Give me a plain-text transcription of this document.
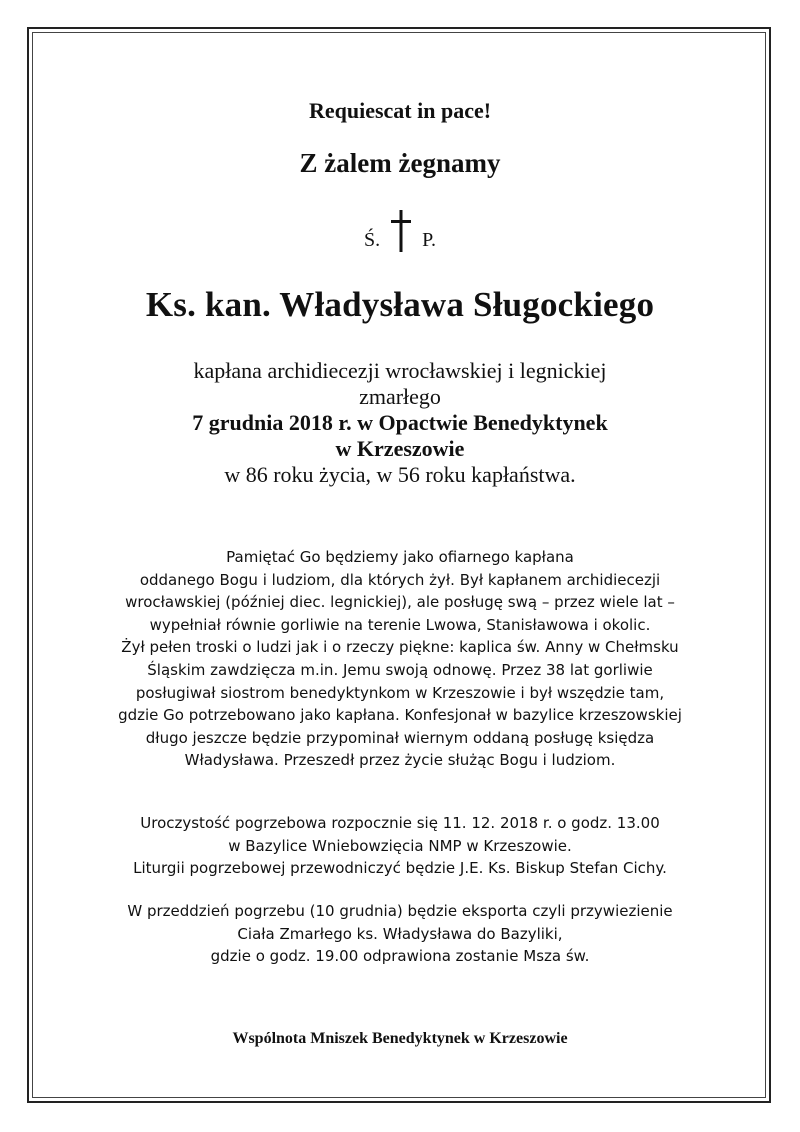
Requiescat in pace!

Z żalem żegnamy

Ś. P.

Ks. kan. Władysława Sługockiego

kapłana archidiecezji wrocławskiej i legnickiej
zmarłego
7 grudnia 2018 r. w Opactwie Benedyktynek
w Krzeszowie
w 86 roku życia, w 56 roku kapłaństwa.
Pamiętać Go będziemy jako ofiarnego kapłana
oddanego Bogu i ludziom, dla których żył. Był kapłanem archidiecezji
wrocławskiej (później diec. legnickiej), ale posługę swą – przez wiele lat –
wypełniał równie gorliwie na terenie Lwowa, Stanisławowa i okolic.
Żył pełen troski o ludzi jak i o rzeczy piękne: kaplica św. Anny w Chełmsku
Śląskim zawdzięcza m.in. Jemu swoją odnowę. Przez 38 lat gorliwie
posługiwał siostrom benedyktynkom w Krzeszowie i był wszędzie tam,
gdzie Go potrzebowano jako kapłana. Konfesjonał w bazylice krzeszowskiej
długo jeszcze będzie przypominał wiernym oddaną posługę księdza
Władysława. Przeszedł przez życie służąc Bogu i ludziom.
Uroczystość pogrzebowa rozpocznie się 11. 12. 2018 r. o godz. 13.00
w Bazylice Wniebowzięcia NMP w Krzeszowie.
Liturgii pogrzebowej przewodniczyć będzie J.E. Ks. Biskup Stefan Cichy.
W przeddzień pogrzebu (10 grudnia) będzie eksporta czyli przywiezienie
Ciała Zmarłego ks. Władysława do Bazyliki,
gdzie o godz. 19.00 odprawiona zostanie Msza św.

Wspólnota Mniszek Benedyktynek w Krzeszowie
